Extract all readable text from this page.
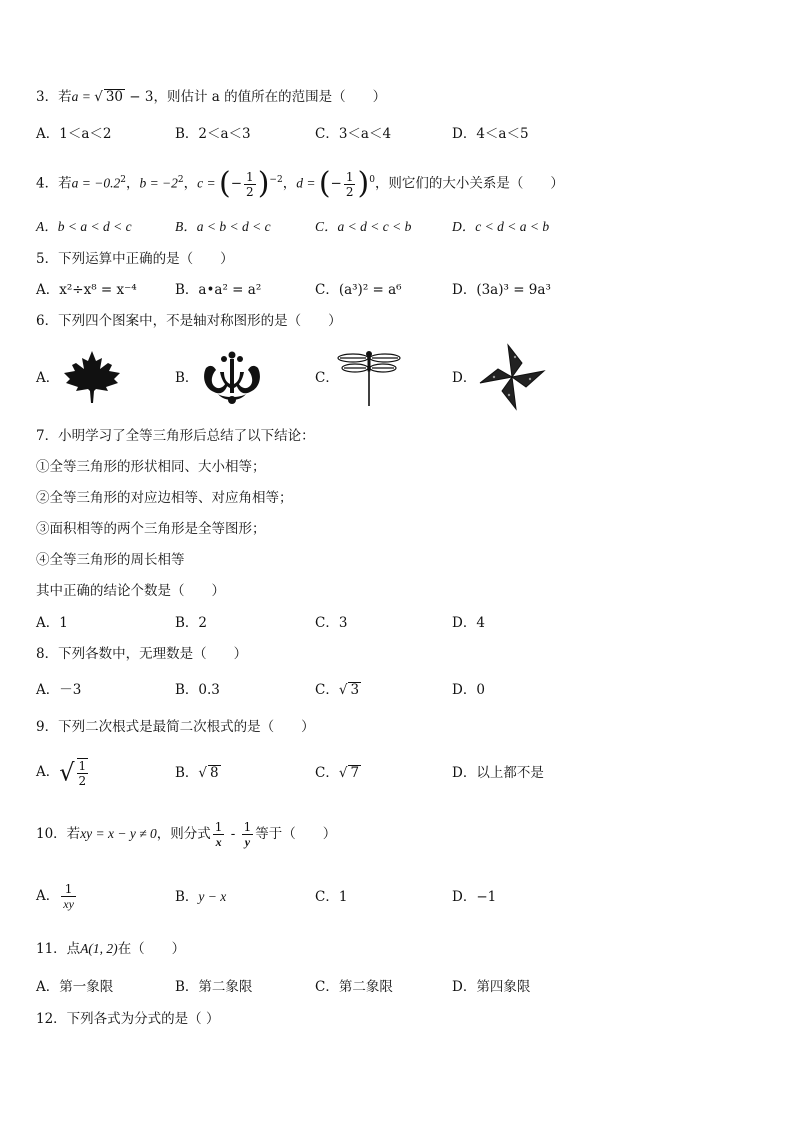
3．若a = √ 30 − 3，则估计 a 的值所在的范围是（　　）
A．1＜a＜2	B．2＜a＜3	C．3＜a＜4	D．4＜a＜5
4．若$a = -0.2^2$，$b = -2^2$，c = (− $\frac{1}{2} )^{-2}$，d = (− $\frac{1}{2} )^0$，则它们的大小关系是（　　）
A．b < a < d < c	B．a < b < d < c	C．a < d < c < b	D．c < d < a < b
5．下列运算中正确的是（　　）
A．x²÷x⁸ = x⁻⁴	B．a•a² = a²	C．(a³)² = a⁶	D．(3a)³ = 9a³
6．下列四个图案中，不是轴对称图形的是（　　）
A．	B．	C．	D．
7．小明学习了全等三角形后总结了以下结论：
①全等三角形的形状相同、大小相等；
②全等三角形的对应边相等、对应角相等；
③面积相等的两个三角形是全等图形；
④全等三角形的周长相等
其中正确的结论个数是（　　）
A．1	B．2	C．3	D．4
8．下列各数中，无理数是（　　）
A．－3	B．0.3	C．√ 3	D．0
9．下列二次根式是最简二次根式的是（　　）
A．√ $\frac{1}{2}$	B．√ 8	C．√ 7	D．以上都不是
10．若xy = x − y ≠ 0，则分式 $\frac{1}{x} - \frac{1}{y}$ 等于（　　）
A． $\frac{1}{xy}$	B．y − x	C．1	D．−1
11．点A(1, 2)在（　　）
A．第一象限	B．第二象限	C．第二象限	D．第四象限
12．下列各式为分式的是（ ）
